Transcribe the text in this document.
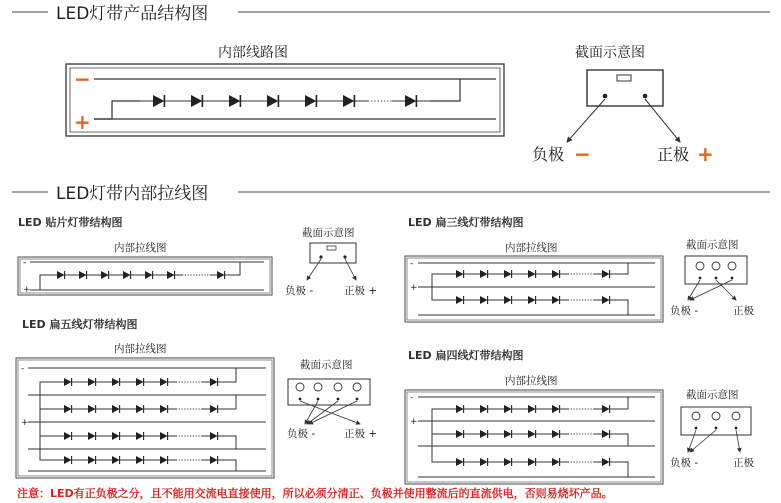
LED灯带产品结构图
内部线路图
−
+
截面示意图
负极 −	正极 +
LED灯带内部拉线图
LED 贴片灯带结构图
内部拉线图
-
+
截面示意图
负极 -	正极 +
LED 扁三线灯带结构图
内部拉线图
-
+
截面示意图
负极 -	正极
LED 扁五线灯带结构图
内部拉线图
-
+
截面示意图
负极 -	正极 +
LED 扁四线灯带结构图
内部拉线图
-
+
截面示意图
负极 -	正极
注意：LED有正负极之分，且不能用交流电直接使用，所以必须分清正、负极并使用整流后的直流供电，否则易烧坏产品。
